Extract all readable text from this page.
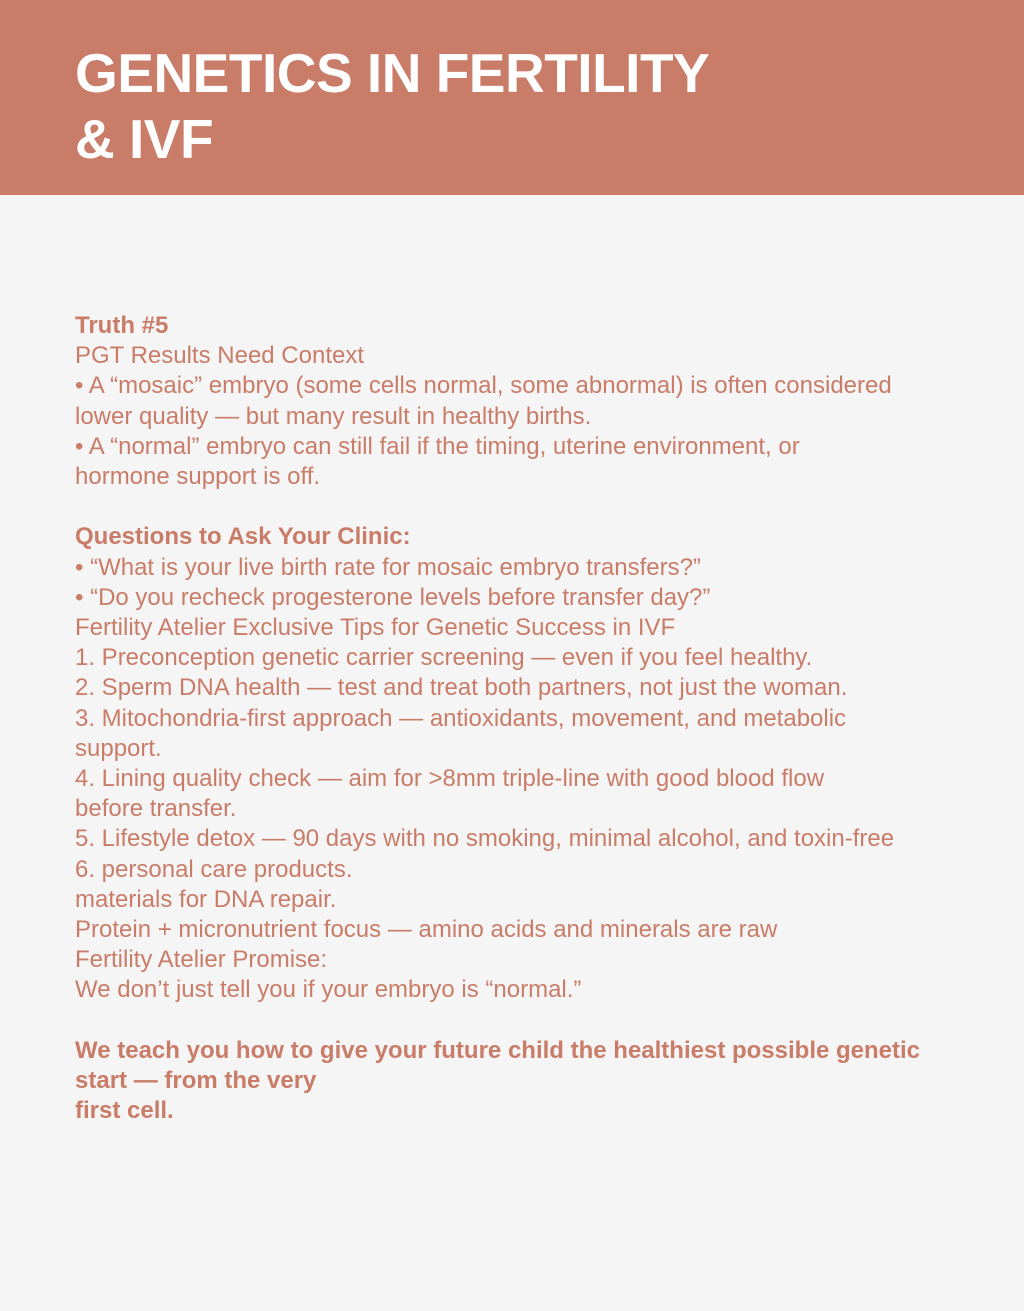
GENETICS IN FERTILITY
& IVF
Truth #5
PGT Results Need Context
• A “mosaic” embryo (some cells normal, some abnormal) is often considered
lower quality — but many result in healthy births.
• A “normal” embryo can still fail if the timing, uterine environment, or
hormone support is off.
Questions to Ask Your Clinic:
• “What is your live birth rate for mosaic embryo transfers?”
• “Do you recheck progesterone levels before transfer day?”
Fertility Atelier Exclusive Tips for Genetic Success in IVF
1. Preconception genetic carrier screening — even if you feel healthy.
2. Sperm DNA health — test and treat both partners, not just the woman.
3. Mitochondria-first approach — antioxidants, movement, and metabolic
support.
4. Lining quality check — aim for >8mm triple-line with good blood flow
before transfer.
5. Lifestyle detox — 90 days with no smoking, minimal alcohol, and toxin-free
6. personal care products.
materials for DNA repair.
Protein + micronutrient focus — amino acids and minerals are raw
Fertility Atelier Promise:
We don’t just tell you if your embryo is “normal.”
We teach you how to give your future child the healthiest possible genetic
start — from the very
first cell.
